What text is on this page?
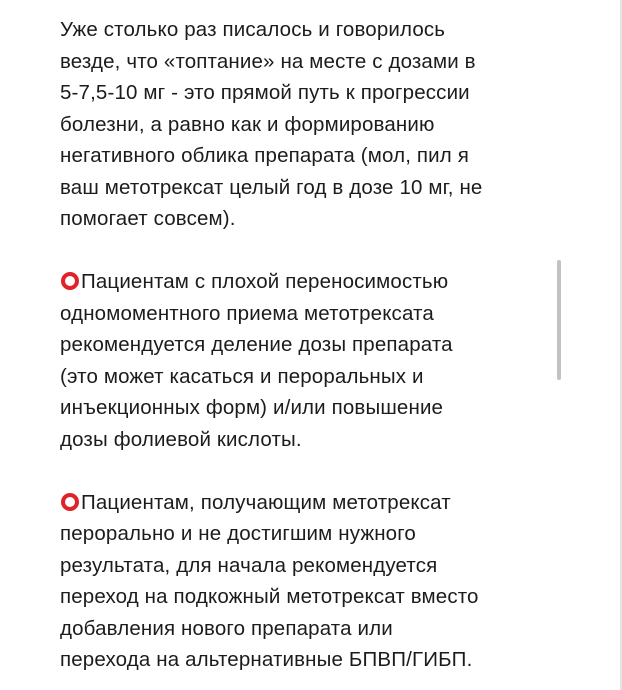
Уже столько раз писалось и говорилось
везде, что «топтание» на месте с дозами в
5-7,5-10 мг - это прямой путь к прогрессии
болезни, а равно как и формированию
негативного облика препарата (мол, пил я
ваш метотрексат целый год в дозе 10 мг, не
помогает совсем).

Пациентам с плохой переносимостью
одномоментного приема метотрексата
рекомендуется деление дозы препарата
(это может касаться и пероральных и
инъекционных форм) и/или повышение
дозы фолиевой кислоты.

Пациентам, получающим метотрексат
перорально и не достигшим нужного
результата, для начала рекомендуется
переход на подкожный метотрексат вместо
добавления нового препарата или
перехода на альтернативные БПВП/ГИБП.
